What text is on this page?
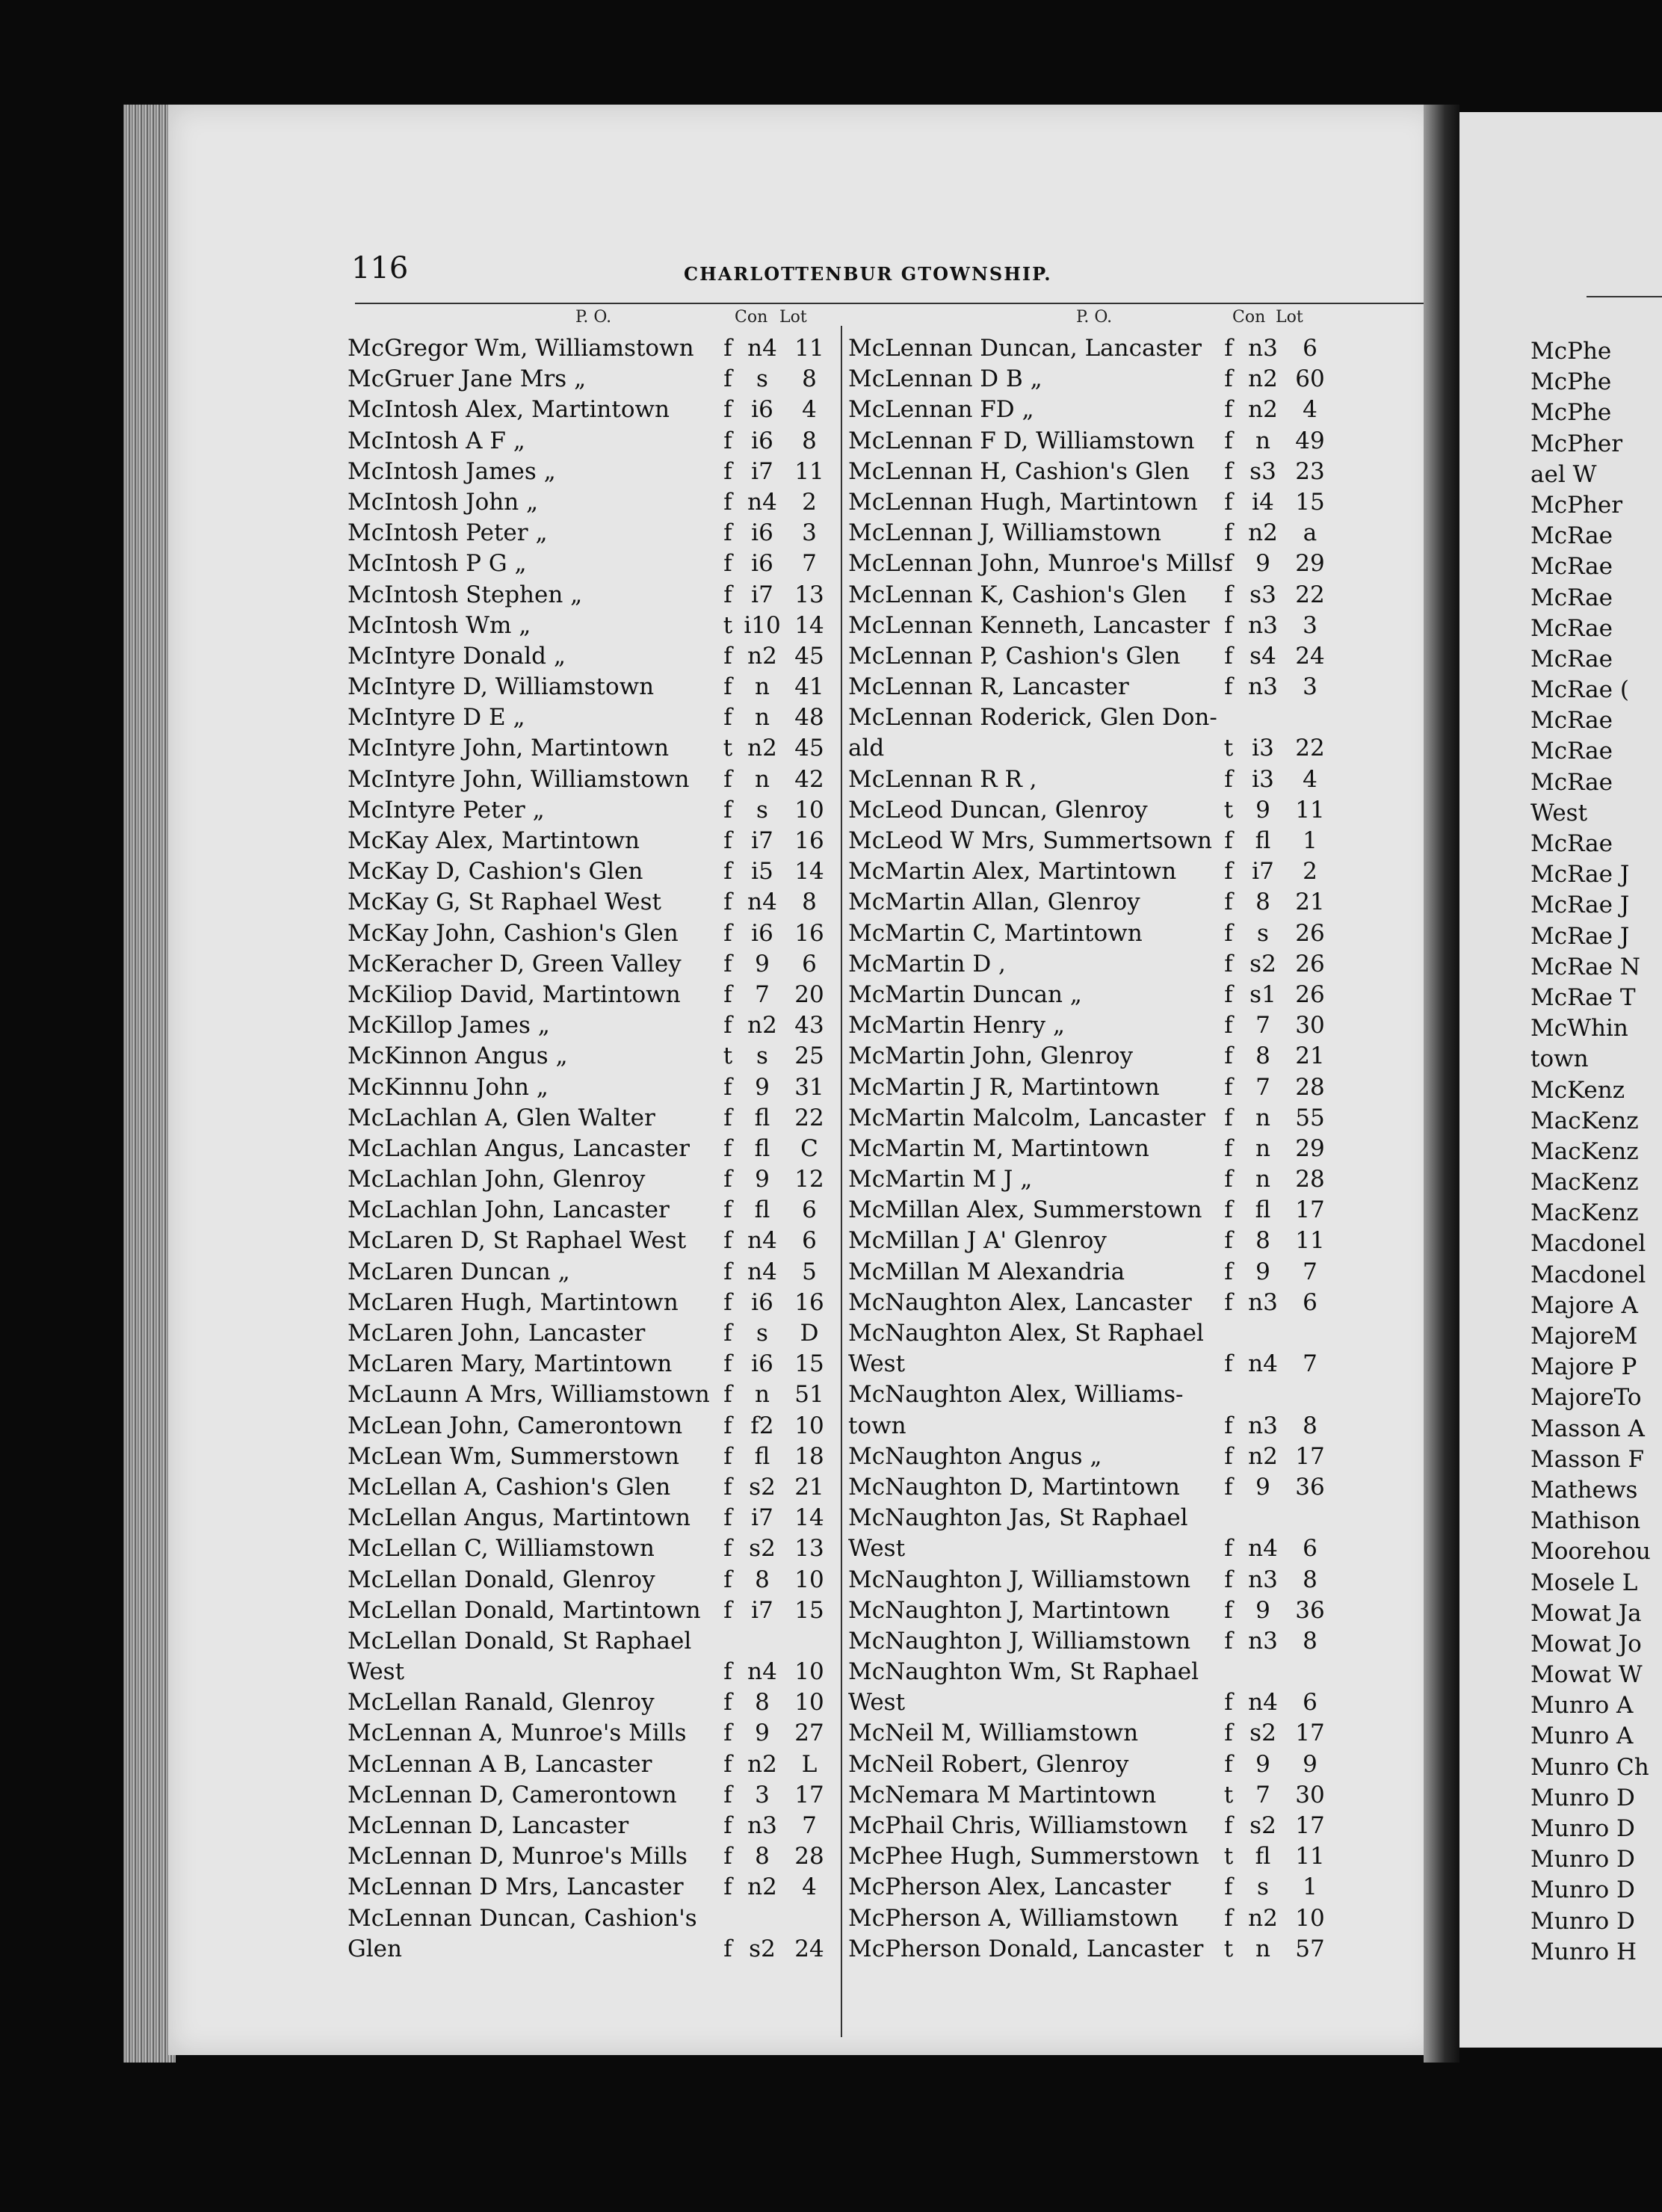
116	CHARLOTTENBUR GTOWNSHIP.
P. O.	Con Lot	P. O.	Con Lot
McGregor Wm, Williamstown f n4 11
McGruer Jane Mrs „	f	s	8
McIntosh Alex, Martintown f i6	4
McIntosh A F „	f i6	8
McIntosh James „	f i7 11
McIntosh John „	f n4	2
McIntosh Peter „	f i6	3
McIntosh P G „	f i6	7
McIntosh Stephen „	f i7 13
McIntosh Wm „	t i10 14
McIntyre Donald „	f n2 45
McIntyre D, Williamstown	f n	41
McIntyre D E „	f n	48
McIntyre John, Martintown t n2 45
McIntyre John, Williamstown f n	42
McIntyre Peter „	f	s	10
McKay Alex, Martintown	f i7 16
McKay D, Cashion's Glen	f i5 14
McKay G, St Raphael West	f n4	8
McKay John, Cashion's Glen f i6 16
McKeracher D, Green Valley f 9	6
McKiliop David, Martintown f 7	20
McKillop James „	f n2 43
McKinnon Angus „	t	s	25
McKinnnu John „	f 9	31
McLachlan A, Glen Walter	f fl	22
McLachlan Angus, Lancaster f fl	C
McLachlan John, Glenroy	f 9	12
McLachlan John, Lancaster f fl	6
McLaren D, St Raphael West f n4	6
McLaren Duncan „	f n4	5
McLaren Hugh, Martintown f i6 16
McLaren John, Lancaster	f	s	D
McLaren Mary, Martintown f i6 15
McLaunn A Mrs, Williamstown f n	51
McLean John, Camerontown f f2 10
McLean Wm, Summerstown f fl	18
McLellan A, Cashion's Glen f s2 21
McLellan Angus, Martintown f i7 14
McLellan C, Williamstown	f s2 13
McLellan Donald, Glenroy	f 8	10
McLellan Donald, Martintown f i7 15
McLellan Donald, St Raphael
West	f n4 10
McLellan Ranald, Glenroy	f 8	10
McLennan A, Munroe's Mills f 9	27
McLennan A B, Lancaster	f n2	L
McLennan D, Camerontown f 3	17
McLennan D, Lancaster	f n3	7
McLennan D, Munroe's Mills f 8	28
McLennan D Mrs, Lancaster f n2	4
McLennan Duncan, Cashion's
Glen	f s2 24
McLennan Duncan, Lancaster f n3	6
McLennan D B „	f n2 60
McLennan FD „	f n2	4
McLennan F D, Williamstown f n	49
McLennan H, Cashion's Glen f s3 23
McLennan Hugh, Martintown f i4 15
McLennan J, Williamstown	f n2	a
McLennan John, Munroe's Mills f 9	29
McLennan K, Cashion's Glen f s3 22
McLennan Kenneth, Lancaster f n3	3
McLennan P, Cashion's Glen f s4 24
McLennan R, Lancaster	f n3	3
McLennan Roderick, Glen Don-
ald	t i3 22
McLennan R R ,	f i3	4
McLeod Duncan, Glenroy	t 9	11
McLeod W Mrs, Summertsown f fl	1
McMartin Alex, Martintown f i7	2
McMartin Allan, Glenroy	f 8	21
McMartin C, Martintown	f	s	26
McMartin D ,	f s2 26
McMartin Duncan „	f s1 26
McMartin Henry „	f 7	30
McMartin John, Glenroy	f 8	21
McMartin J R, Martintown	f 7	28
McMartin Malcolm, Lancaster f n	55
McMartin M, Martintown	f n	29
McMartin M J „	f n	28
McMillan Alex, Summerstown f fl	17
McMillan J A' Glenroy	f 8	11
McMillan M Alexandria	f 9	7
McNaughton Alex, Lancaster f n3	6
McNaughton Alex, St Raphael
West	f n4	7
McNaughton Alex, Williams-
town	f n3	8
McNaughton Angus „	f n2 17
McNaughton D, Martintown f 9	36
McNaughton Jas, St Raphael
West	f n4	6
McNaughton J, Williamstown f n3	8
McNaughton J, Martintown f 9	36
McNaughton J, Williamstown f n3	8
McNaughton Wm, St Raphael
West	f n4	6
McNeil M, Williamstown	f s2 17
McNeil Robert, Glenroy	f 9	9
McNemara M Martintown	t 7	30
McPhail Chris, Williamstown f s2 17
McPhee Hugh, Summerstown t fl	11
McPherson Alex, Lancaster f	s	1
McPherson A, Williamstown f n2 10
McPherson Donald, Lancaster t n	57
McPhe
McPhe
McPhe
McPher
ael W
McPher
McRae
McRae
McRae
McRae
McRae
McRae (
McRae
McRae
McRae
West
McRae
McRae J
McRae J
McRae J
McRae N
McRae T
McWhin
town
McKenz
MacKenz
MacKenz
MacKenz
MacKenz
Macdonel
Macdonel
Majore A
MajoreM
Majore P
MajoreTo
Masson A
Masson F
Mathews
Mathison
Moorehou
Mosele L
Mowat Ja
Mowat Jo
Mowat W
Munro A
Munro A
Munro Ch
Munro D
Munro D
Munro D
Munro D
Munro D
Munro H
